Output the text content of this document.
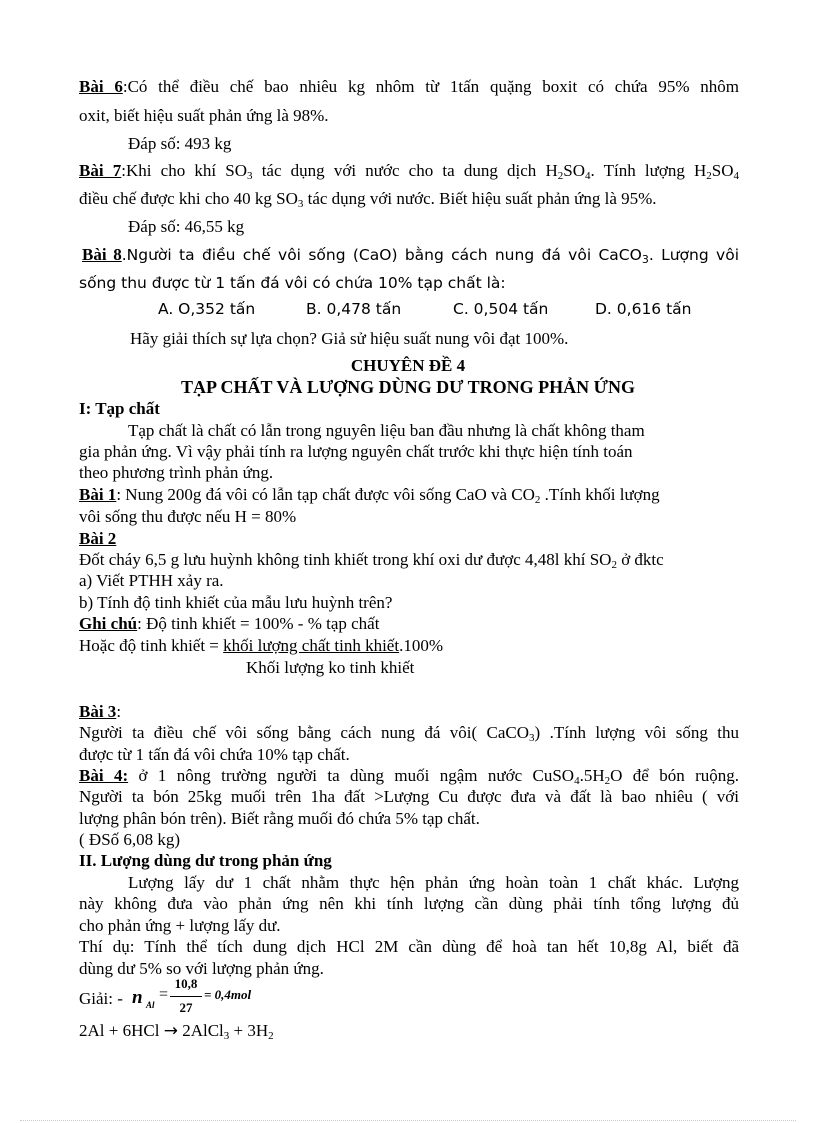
Bài 6:Có thể điều chế bao nhiêu kg nhôm từ 1tấn quặng boxit có chứa 95% nhôm
oxit, biết hiệu suất phản ứng là 98%.
Đáp số: 493 kg
Bài 7:Khi cho khí $SO_3$ tác dụng với nước cho ta dung dịch $H_2SO_4$. Tính lượng $H_2SO_4$
điều chế được khi cho 40 kg $SO_3$ tác dụng với nước. Biết hiệu suất phản ứng là 95%.
Đáp số: 46,55 kg
Bài 8.Người ta điều chế vôi sống (CaO) bằng cách nung đá vôi CaCO$_3$. Lượng vôi
sống thu được từ 1 tấn đá vôi có chứa 10% tạp chất là:
A. O,352 tấn	B. 0,478 tấn	C. 0,504 tấn	D. 0,616 tấn
Hãy giải thích sự lựa chọn? Giả sử hiệu suất nung vôi đạt 100%.
CHUYÊN ĐỀ 4
TẠP CHẤT VÀ LƯỢNG DÙNG DƯ TRONG PHẢN ỨNG
I: Tạp chất
Tạp chất là chất có lẫn trong nguyên liệu ban đầu nhưng là chất không tham
gia phản ứng. Vì vậy phải tính ra lượng nguyên chất trước khi thực hiện tính toán
theo phương trình phản ứng.
Bài 1: Nung 200g đá vôi có lẫn tạp chất được vôi sống CaO và $CO_2$ .Tính khối lượng
vôi sống thu được nếu H = 80%
Bài 2
Đốt cháy 6,5 g lưu huỳnh không tinh khiết trong khí oxi dư được 4,48l khí $SO_2$ ở đktc
a) Viết PTHH xảy ra.
b) Tính độ tinh khiết của mẫu lưu huỳnh trên?
Ghi chú: Độ tinh khiết = 100% - % tạp chất
Hoặc độ tinh khiết = khối lượng chất tinh khiết.100%
Khối lượng ko tinh khiết
Bài 3:
Người ta điều chế vôi sống bằng cách nung đá vôi( CaCO$_3$) .Tính lượng vôi sống thu
được từ 1 tấn đá vôi chứa 10% tạp chất.
Bài 4: ở 1 nông trường người ta dùng muối ngậm nước $CuSO_4.5H_2O$ để bón ruộng.
Người ta bón 25kg muối trên 1ha đất >Lượng Cu được đưa và đất là bao nhiêu ( với
lượng phân bón trên). Biết rằng muối đó chứa 5% tạp chất.
( ĐSố 6,08 kg)
II. Lượng dùng dư trong phản ứng
Lượng lấy dư 1 chất nhằm thực hện phản ứng hoàn toàn 1 chất khác. Lượng
này không đưa vào phản ứng nên khi tính lượng cần dùng phải tính tổng lượng đủ
cho phản ứng + lượng lấy dư.
Thí dụ: Tính thể tích dung dịch HCl 2M cần dùng để hoà tan hết 10,8g Al, biết đã
dùng dư 5% so với lượng phản ứng.
Giải: - n Al
=
10,8
27
= 0,4mol
2Al + 6HCl → 2AlCl$_3$ + $3H_2$
